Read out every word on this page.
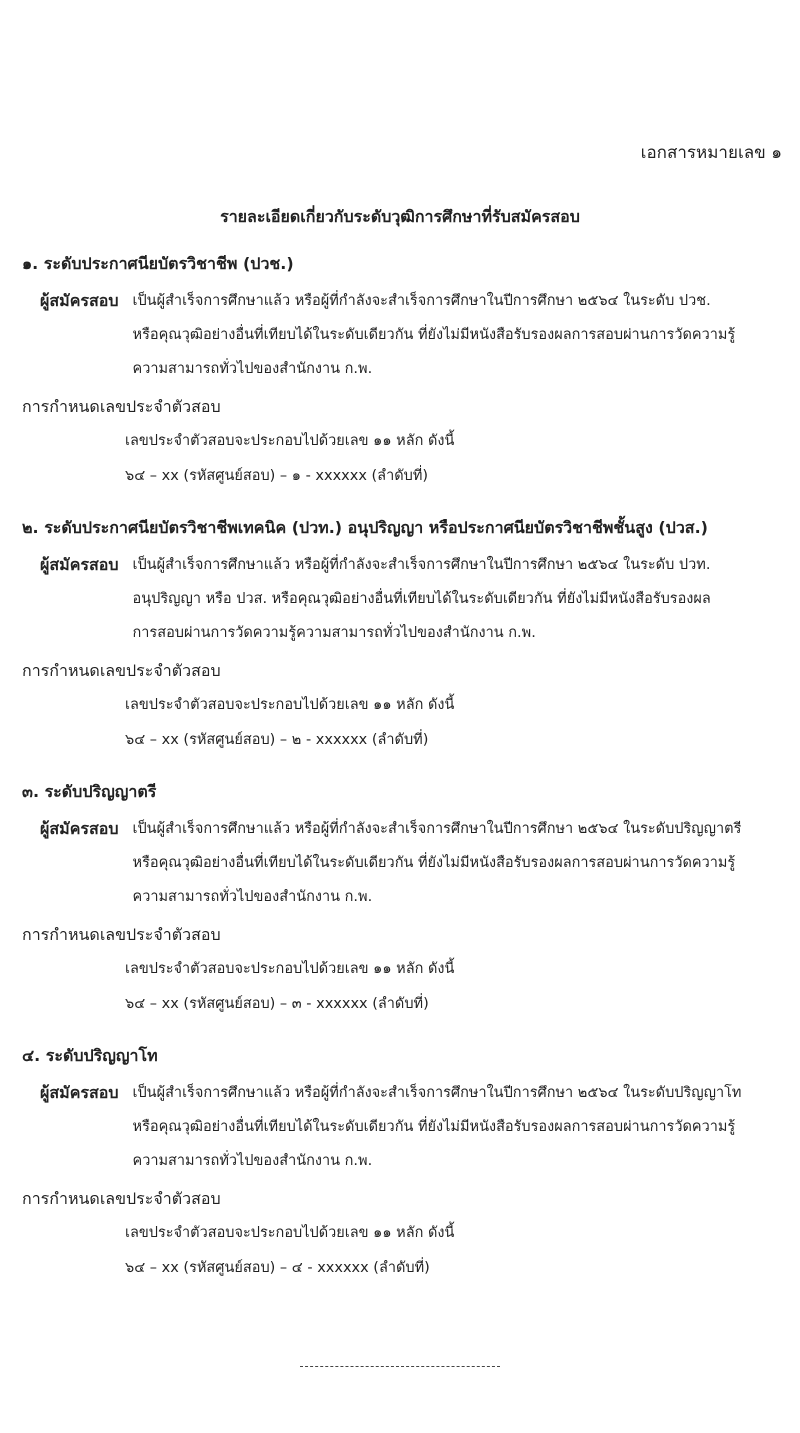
เอกสารหมายเลข ๑
รายละเอียดเกี่ยวกับระดับวุฒิการศึกษาที่รับสมัครสอบ
๑. ระดับประกาศนียบัตรวิชาชีพ (ปวช.)
ผู้สมัครสอบ เป็นผู้สำเร็จการศึกษาแล้ว หรือผู้ที่กำลังจะสำเร็จการศึกษาในปีการศึกษา ๒๕๖๔ ในระดับ ปวช.
หรือคุณวุฒิอย่างอื่นที่เทียบได้ในระดับเดียวกัน ที่ยังไม่มีหนังสือรับรองผลการสอบผ่านการวัดความรู้
ความสามารถทั่วไปของสำนักงาน ก.พ.
การกำหนดเลขประจำตัวสอบ
เลขประจำตัวสอบจะประกอบไปด้วยเลข ๑๑ หลัก ดังนี้
๖๔ – xx (รหัสศูนย์สอบ) – ๑ - xxxxxx (ลำดับที่)
๒. ระดับประกาศนียบัตรวิชาชีพเทคนิค (ปวท.) อนุปริญญา หรือประกาศนียบัตรวิชาชีพชั้นสูง (ปวส.)
ผู้สมัครสอบ เป็นผู้สำเร็จการศึกษาแล้ว หรือผู้ที่กำลังจะสำเร็จการศึกษาในปีการศึกษา ๒๕๖๔ ในระดับ ปวท.
อนุปริญญา หรือ ปวส. หรือคุณวุฒิอย่างอื่นที่เทียบได้ในระดับเดียวกัน ที่ยังไม่มีหนังสือรับรองผล
การสอบผ่านการวัดความรู้ความสามารถทั่วไปของสำนักงาน ก.พ.
การกำหนดเลขประจำตัวสอบ
เลขประจำตัวสอบจะประกอบไปด้วยเลข ๑๑ หลัก ดังนี้
๖๔ – xx (รหัสศูนย์สอบ) – ๒ - xxxxxx (ลำดับที่)
๓. ระดับปริญญาตรี
ผู้สมัครสอบ เป็นผู้สำเร็จการศึกษาแล้ว หรือผู้ที่กำลังจะสำเร็จการศึกษาในปีการศึกษา ๒๕๖๔ ในระดับปริญญาตรี
หรือคุณวุฒิอย่างอื่นที่เทียบได้ในระดับเดียวกัน ที่ยังไม่มีหนังสือรับรองผลการสอบผ่านการวัดความรู้
ความสามารถทั่วไปของสำนักงาน ก.พ.
การกำหนดเลขประจำตัวสอบ
เลขประจำตัวสอบจะประกอบไปด้วยเลข ๑๑ หลัก ดังนี้
๖๔ – xx (รหัสศูนย์สอบ) – ๓ - xxxxxx (ลำดับที่)
๔. ระดับปริญญาโท
ผู้สมัครสอบ เป็นผู้สำเร็จการศึกษาแล้ว หรือผู้ที่กำลังจะสำเร็จการศึกษาในปีการศึกษา ๒๕๖๔ ในระดับปริญญาโท
หรือคุณวุฒิอย่างอื่นที่เทียบได้ในระดับเดียวกัน ที่ยังไม่มีหนังสือรับรองผลการสอบผ่านการวัดความรู้
ความสามารถทั่วไปของสำนักงาน ก.พ.
การกำหนดเลขประจำตัวสอบ
เลขประจำตัวสอบจะประกอบไปด้วยเลข ๑๑ หลัก ดังนี้
๖๔ – xx (รหัสศูนย์สอบ) – ๔ - xxxxxx (ลำดับที่)
